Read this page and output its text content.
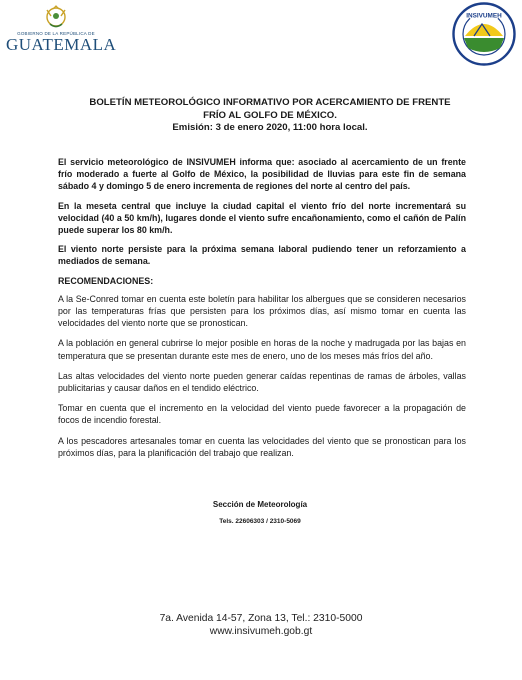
GOBIERNO DE LA REPÚBLICA DE
GUATEMALA
INSIVUMEH
BOLETÍN METEOROLÓGICO INFORMATIVO POR ACERCAMIENTO DE FRENTE
FRÍO AL GOLFO DE MÉXICO.
Emisión: 3 de enero 2020, 11:00 hora local.

El servicio meteorológico de INSIVUMEH informa que: asociado al acercamiento de un frente frío moderado a fuerte al Golfo de México, la posibilidad de lluvias para este fin de semana sábado 4 y domingo 5 de enero incrementa de regiones del norte al centro del país.

En la meseta central que incluye la ciudad capital el viento frío del norte incrementará su velocidad (40 a 50 km/h), lugares donde el viento sufre encañonamiento, como el cañón de Palín puede superar los 80 km/h.

El viento norte persiste para la próxima semana laboral pudiendo tener un reforzamiento a mediados de semana.

RECOMENDACIONES:

A la Se-Conred tomar en cuenta este boletín para habilitar los albergues que se consideren necesarios por las temperaturas frías que persisten para los próximos días, así mismo tomar en cuenta las velocidades del viento norte que se pronostican.

A la población en general cubrirse lo mejor posible en horas de la noche y madrugada por las bajas en temperatura que se presentan durante este mes de enero, uno de los meses más fríos del año.

Las altas velocidades del viento norte pueden generar caídas repentinas de ramas de árboles, vallas publicitarias y causar daños en el tendido eléctrico.

Tomar en cuenta que el incremento en la velocidad del viento puede favorecer a la propagación de focos de incendio forestal.

A los pescadores artesanales tomar en cuenta las velocidades del viento que se pronostican para los próximos días, para la planificación del trabajo que realizan.

Sección de Meteorología
Tels. 22606303 / 2310-5069
7a. Avenida 14-57, Zona 13, Tel.: 2310-5000
www.insivumeh.gob.gt
